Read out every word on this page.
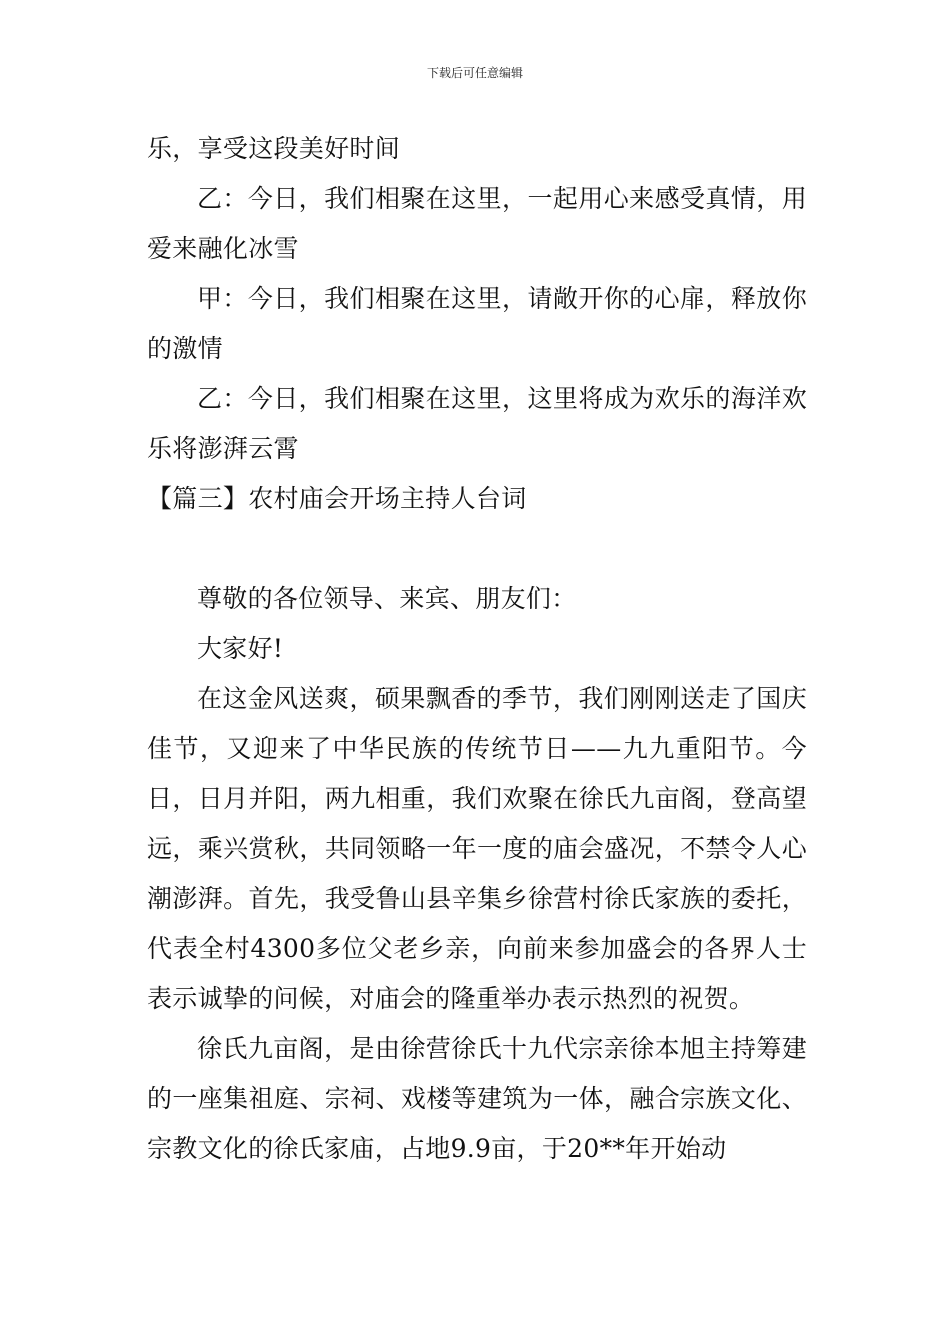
下载后可任意编辑

乐，享受这段美好时间

乙：今日，我们相聚在这里，一起用心来感受真情，用爱来融化冰雪

甲：今日，我们相聚在这里，请敞开你的心扉，释放你的激情

乙：今日，我们相聚在这里，这里将成为欢乐的海洋欢乐将澎湃云霄

【篇三】农村庙会开场主持人台词

尊敬的各位领导、来宾、朋友们：

大家好!

在这金风送爽，硕果飘香的季节，我们刚刚送走了国庆佳节，又迎来了中华民族的传统节日——九九重阳节。今日，日月并阳，两九相重，我们欢聚在徐氏九亩阁，登高望远，乘兴赏秋，共同领略一年一度的庙会盛况，不禁令人心潮澎湃。首先，我受鲁山县辛集乡徐营村徐氏家族的委托，代表全村4300多位父老乡亲，向前来参加盛会的各界人士表示诚挚的问候，对庙会的隆重举办表示热烈的祝贺。

徐氏九亩阁，是由徐营徐氏十九代宗亲徐本旭主持筹建的一座集祖庭、宗祠、戏楼等建筑为一体，融合宗族文化、宗教文化的徐氏家庙，占地9.9亩，于20**年开始动
